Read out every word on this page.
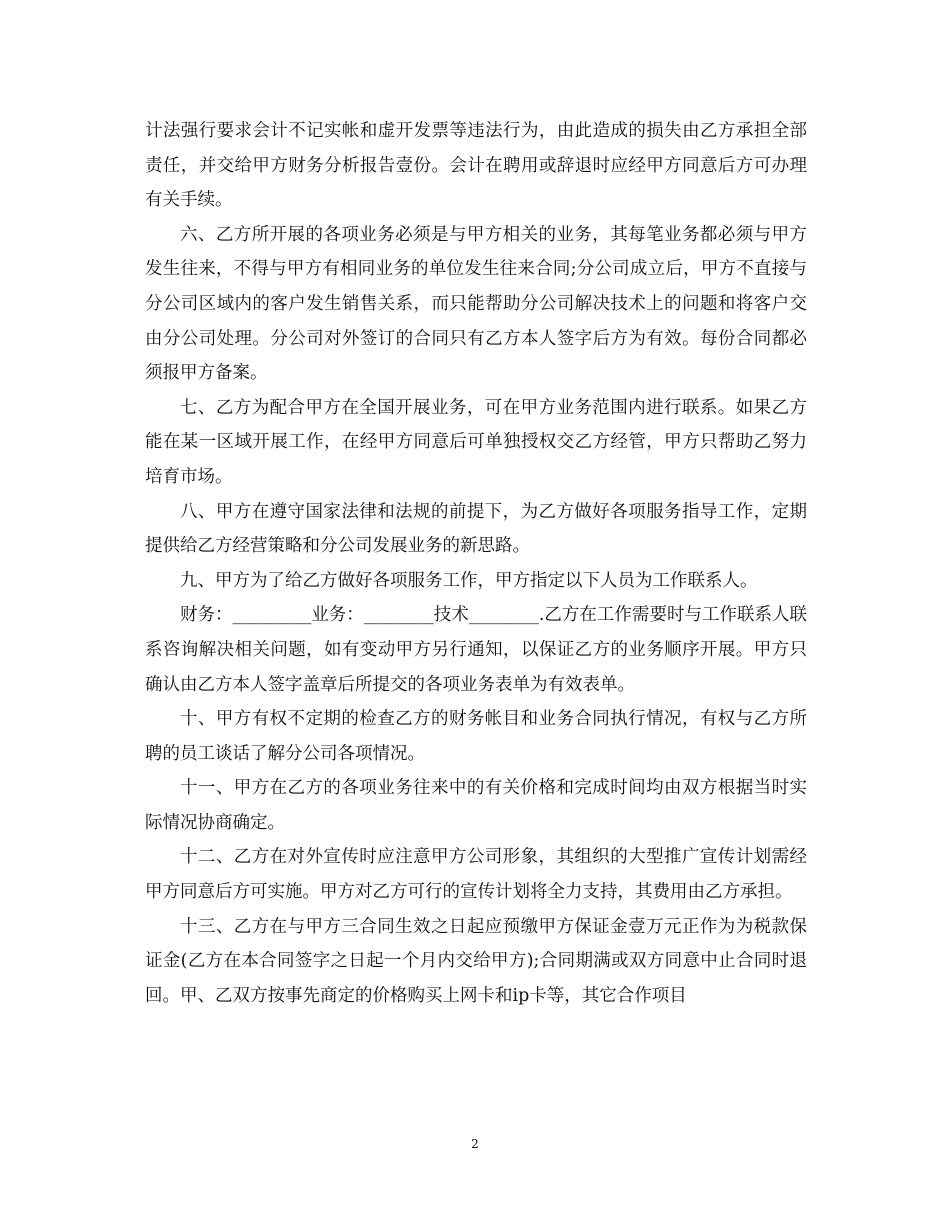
计法强行要求会计不记实帐和虚开发票等违法行为，由此造成的损失由乙方承担全部责任，并交给甲方财务分析报告壹份。会计在聘用或辞退时应经甲方同意后方可办理有关手续。

六、乙方所开展的各项业务必须是与甲方相关的业务，其每笔业务都必须与甲方发生往来，不得与甲方有相同业务的单位发生往来合同;分公司成立后，甲方不直接与分公司区域内的客户发生销售关系，而只能帮助分公司解决技术上的问题和将客户交由分公司处理。分公司对外签订的合同只有乙方本人签字后方为有效。每份合同都必须报甲方备案。

七、乙方为配合甲方在全国开展业务，可在甲方业务范围内进行联系。如果乙方能在某一区域开展工作，在经甲方同意后可单独授权交乙方经管，甲方只帮助乙努力培育市场。

八、甲方在遵守国家法律和法规的前提下，为乙方做好各项服务指导工作，定期提供给乙方经营策略和分公司发展业务的新思路。

九、甲方为了给乙方做好各项服务工作，甲方指定以下人员为工作联系人。

财务：_________业务：________技术________.乙方在工作需要时与工作联系人联系咨询解决相关问题，如有变动甲方另行通知，以保证乙方的业务顺序开展。甲方只确认由乙方本人签字盖章后所提交的各项业务表单为有效表单。

十、甲方有权不定期的检查乙方的财务帐目和业务合同执行情况，有权与乙方所聘的员工谈话了解分公司各项情况。

十一、甲方在乙方的各项业务往来中的有关价格和完成时间均由双方根据当时实际情况协商确定。

十二、乙方在对外宣传时应注意甲方公司形象，其组织的大型推广宣传计划需经甲方同意后方可实施。甲方对乙方可行的宣传计划将全力支持，其费用由乙方承担。

十三、乙方在与甲方三合同生效之日起应预缴甲方保证金壹万元正作为为税款保证金(乙方在本合同签字之日起一个月内交给甲方);合同期满或双方同意中止合同时退回。甲、乙双方按事先商定的价格购买上网卡和ip卡等，其它合作项目

2
